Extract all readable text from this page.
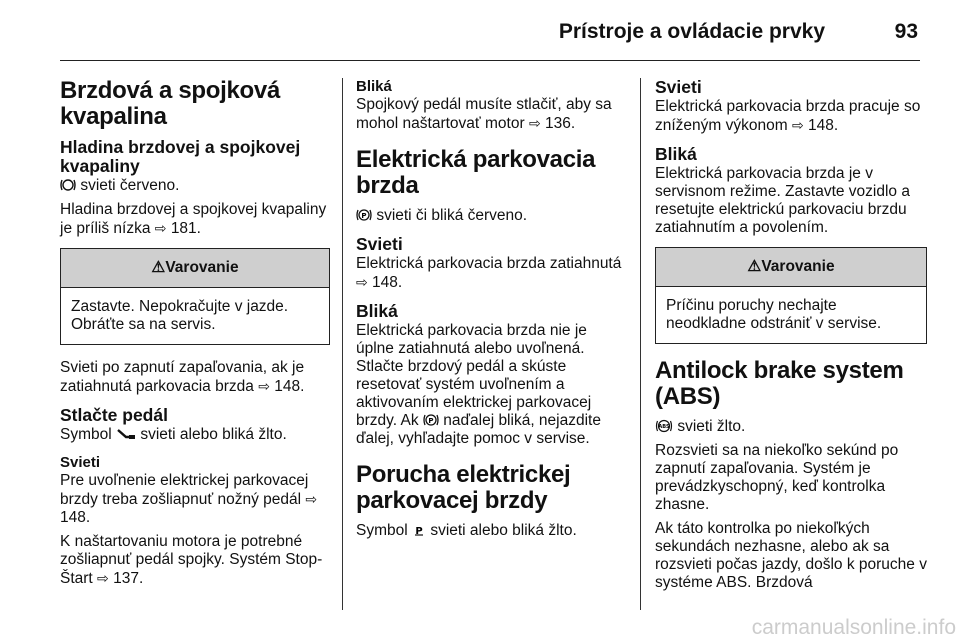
Prístroje a ovládacie prvky	93
Brzdová a spojková kvapalina
Hladina brzdovej a spojkovej kvapaliny

svieti červeno.

Hladina brzdovej a spojkovej kvapaliny je príliš nízka ⇨ 181.

⚠ Varovanie
Zastavte. Nepokračujte v jazde. Obráťte sa na servis.

Svieti po zapnutí zapaľovania, ak je zatiahnutá parkovacia brzda ⇨ 148.

Stlačte pedál

Symbol svieti alebo bliká žlto.

Svieti

Pre uvoľnenie elektrickej parkovacej brzdy treba zošliapnuť nožný pedál ⇨ 148.

K naštartovaniu motora je potrebné zošliapnuť pedál spojky. Systém Stop-Štart ⇨ 137.

Bliká

Spojkový pedál musíte stlačiť, aby sa mohol naštartovať motor ⇨ 136.

Elektrická parkovacia brzda

P svieti či bliká červeno.

Svieti

Elektrická parkovacia brzda zatiahnutá ⇨ 148.

Bliká

Elektrická parkovacia brzda nie je úplne zatiahnutá alebo uvoľnená. Stlačte brzdový pedál a skúste resetovať systém uvoľnením a aktivovaním elektrickej parkovacej brzdy. Ak P naďalej bliká, nejazdite ďalej, vyhľadajte pomoc v servise.

Porucha elektrickej parkovacej brzdy

Symbol P svieti alebo bliká žlto.

Svieti

Elektrická parkovacia brzda pracuje so zníženým výkonom ⇨ 148.

Bliká

Elektrická parkovacia brzda je v servisnom režime. Zastavte vozidlo a resetujte elektrickú parkovaciu brzdu zatiahnutím a povolením.

⚠ Varovanie
Príčinu poruchy nechajte neodkladne odstrániť v servise.
Antilock brake system (ABS)

ABS svieti žlto.

Rozsvieti sa na niekoľko sekúnd po zapnutí zapaľovania. Systém je prevádzkyschopný, keď kontrolka zhasne.

Ak táto kontrolka po niekoľkých sekundách nezhasne, alebo ak sa rozsvieti počas jazdy, došlo k poruche v systéme ABS. Brzdová

carmanualsonline.info
